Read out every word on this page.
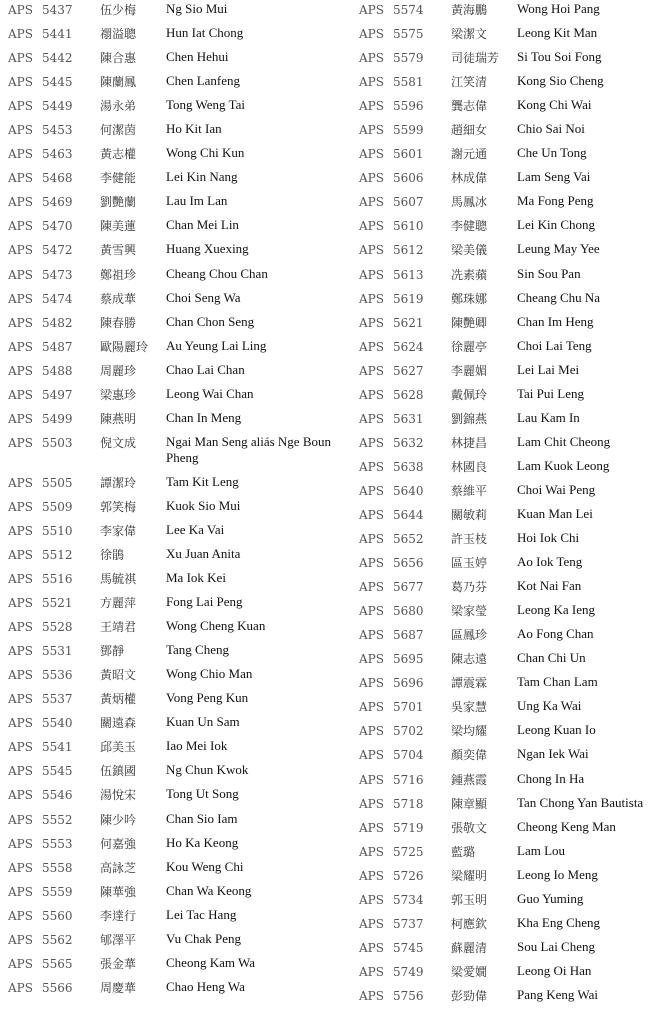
APS 5437	伍少梅	Ng Sio Mui
APS 5441	禤溢聰	Hun Iat Chong
APS 5442	陳合惠	Chen Hehui
APS 5445	陳蘭鳳	Chen Lanfeng
APS 5449	湯永弟	Tong Weng Tai
APS 5453	何潔茵	Ho Kit Ian
APS 5463	黃志權	Wong Chi Kun
APS 5468	李健能	Lei Kin Nang
APS 5469	劉艷蘭	Lau Im Lan
APS 5470	陳美蓮	Chan Mei Lin
APS 5472	黃雪興	Huang Xuexing
APS 5473	鄭祖珍	Cheang Chou Chan
APS 5474	蔡成華	Choi Seng Wa
APS 5482	陳春勝	Chan Chon Seng
APS 5487	歐陽麗玲	Au Yeung Lai Ling
APS 5488	周麗珍	Chao Lai Chan
APS 5497	梁惠珍	Leong Wai Chan
APS 5499	陳燕明	Chan In Meng
APS 5503	倪文成	Ngai Man Seng aliás Nge Boun Pheng
APS 5505	譚潔玲	Tam Kit Leng
APS 5509	郭笑梅	Kuok Sio Mui
APS 5510	李家偉	Lee Ka Vai
APS 5512	徐鵑	Xu Juan Anita
APS 5516	馬毓祺	Ma Iok Kei
APS 5521	方麗萍	Fong Lai Peng
APS 5528	王靖君	Wong Cheng Kuan
APS 5531	鄧靜	Tang Cheng
APS 5536	黃昭文	Wong Chio Man
APS 5537	黃炳權	Vong Peng Kun
APS 5540	關遠森	Kuan Un Sam
APS 5541	邱美玉	Iao Mei Iok
APS 5545	伍鎮國	Ng Chun Kwok
APS 5546	湯悅宋	Tong Ut Song
APS 5552	陳少吟	Chan Sio Iam
APS 5553	何嘉強	Ho Ka Keong
APS 5558	高詠芝	Kou Weng Chi
APS 5559	陳華強	Chan Wa Keong
APS 5560	李達行	Lei Tac Hang
APS 5562	郇澤平	Vu Chak Peng
APS 5565	張金華	Cheong Kam Wa
APS 5566	周慶華	Chao Heng Wa
APS 5574	黃海鵬	Wong Hoi Pang
APS 5575	梁潔文	Leong Kit Man
APS 5579	司徒瑞芳	Si Tou Soi Fong
APS 5581	江笑清	Kong Sio Cheng
APS 5596	龔志偉	Kong Chi Wai
APS 5599	趙細女	Chio Sai Noi
APS 5601	謝元通	Che Un Tong
APS 5606	林成偉	Lam Seng Vai
APS 5607	馬鳳冰	Ma Fong Peng
APS 5610	李健聰	Lei Kin Chong
APS 5612	梁美儀	Leung May Yee
APS 5613	冼素蘋	Sin Sou Pan
APS 5619	鄭珠娜	Cheang Chu Na
APS 5621	陳艷卿	Chan Im Heng
APS 5624	徐麗亭	Choi Lai Teng
APS 5627	李麗媚	Lei Lai Mei
APS 5628	戴佩玲	Tai Pui Leng
APS 5631	劉錦燕	Lau Kam In
APS 5632	林捷昌	Lam Chit Cheong
APS 5638	林國良	Lam Kuok Leong
APS 5640	蔡維平	Choi Wai Peng
APS 5644	關敏莉	Kuan Man Lei
APS 5652	許玉枝	Hoi Iok Chi
APS 5656	區玉婷	Ao Iok Teng
APS 5677	葛乃芬	Kot Nai Fan
APS 5680	梁家瑩	Leong Ka Ieng
APS 5687	區鳳珍	Ao Fong Chan
APS 5695	陳志遠	Chan Chi Un
APS 5696	譚震霖	Tam Chan Lam
APS 5701	吳家慧	Ung Ka Wai
APS 5702	梁均耀	Leong Kuan Io
APS 5704	顏奕偉	Ngan Iek Wai
APS 5716	鍾燕霞	Chong In Ha
APS 5718	陳章顯	Tan Chong Yan Bautista
APS 5719	張敬文	Cheong Keng Man
APS 5725	藍璐	Lam Lou
APS 5726	梁耀明	Leong Io Meng
APS 5734	郭玉明	Guo Yuming
APS 5737	柯應欽	Kha Eng Cheng
APS 5745	蘇麗清	Sou Lai Cheng
APS 5749	梁愛嫺	Leong Oi Han
APS 5756	彭勁偉	Pang Keng Wai
